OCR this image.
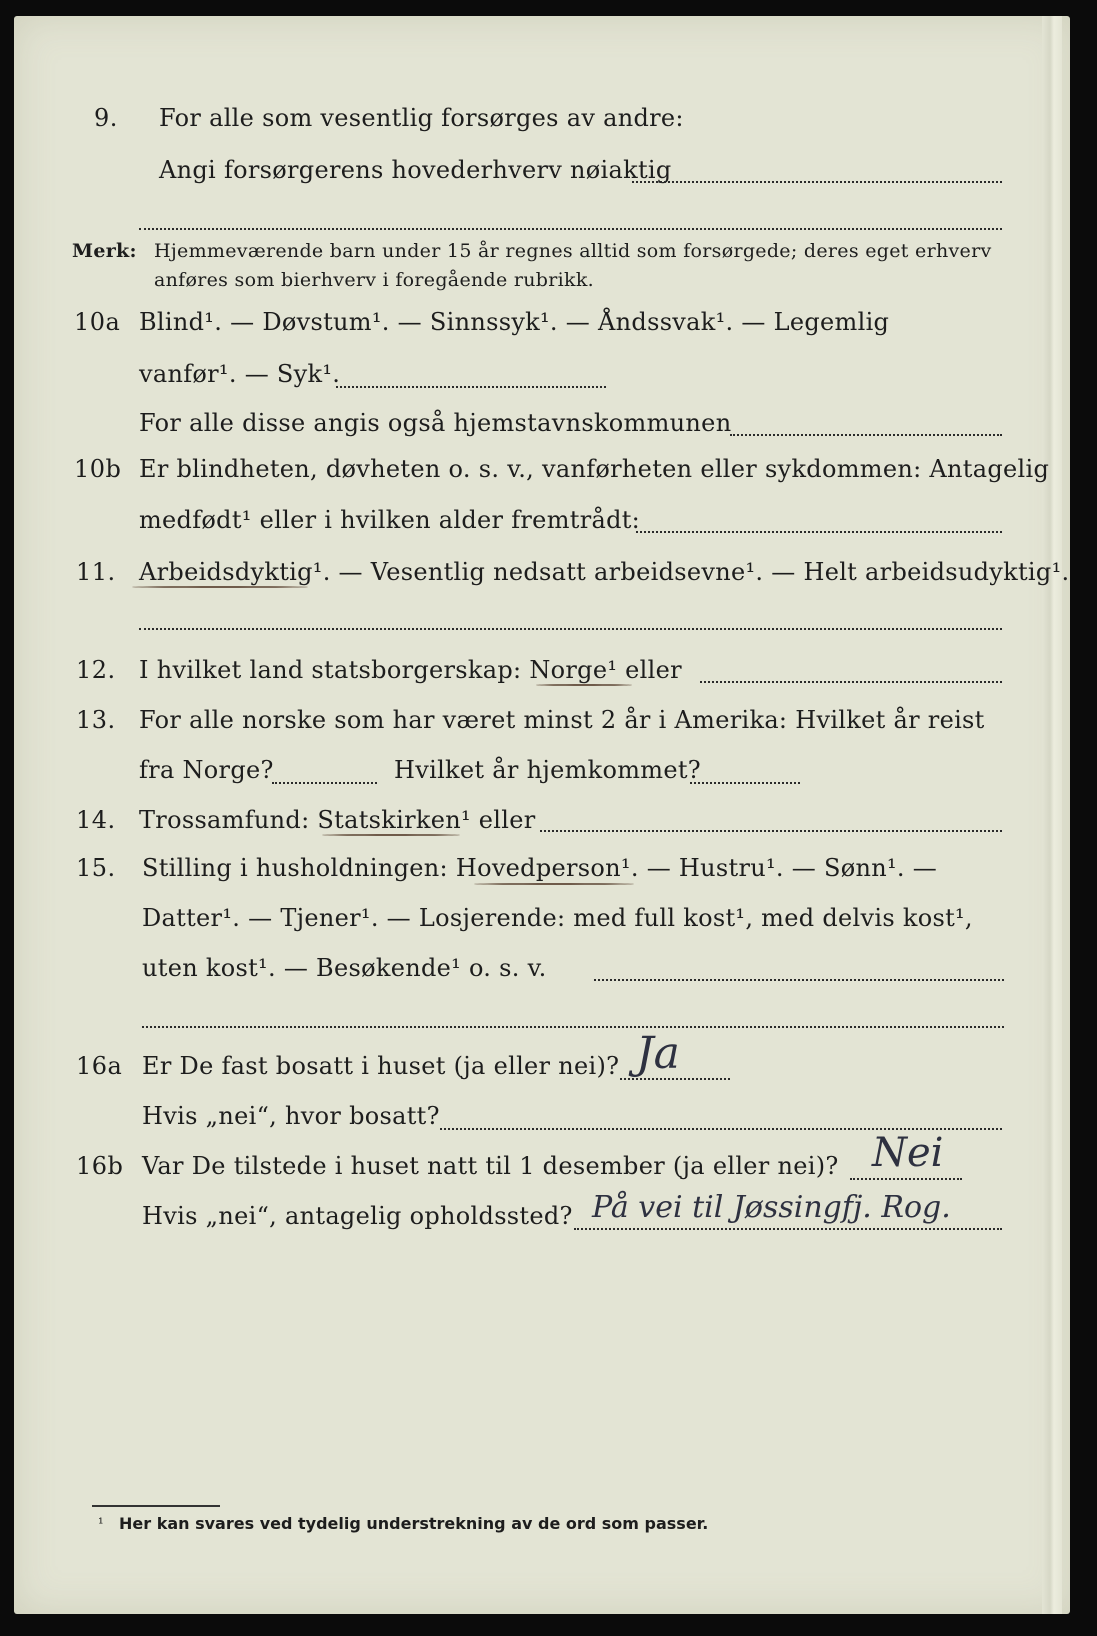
9. For alle som vesentlig forsørges av andre:
Angi forsørgerens hovederhverv nøiaktig
Merk: Hjemmeværende barn under 15 år regnes alltid som forsørgede; deres eget erhverv
anføres som bierhverv i foregående rubrikk.
10a Blind¹. — Døvstum¹. — Sinnssyk¹. — Åndssvak¹. — Legemlig
vanfør¹. — Syk¹.
For alle disse angis også hjemstavnskommunen
10b Er blindheten, døvheten o. s. v., vanførheten eller sykdommen: Antagelig
medfødt¹ eller i hvilken alder fremtrådt:
11. Arbeidsdyktig¹. — Vesentlig nedsatt arbeidsevne¹. — Helt arbeidsudyktig¹.
12. I hvilket land statsborgerskap: Norge¹ eller
13. For alle norske som har været minst 2 år i Amerika: Hvilket år reist
fra Norge?	Hvilket år hjemkommet?
14. Trossamfund: Statskirken¹ eller
15. Stilling i husholdningen: Hovedperson¹. — Hustru¹. — Sønn¹. —
Datter¹. — Tjener¹. — Losjerende: med full kost¹, med delvis kost¹,
uten kost¹. — Besøkende¹ o. s. v.
16a Er De fast bosatt i huset (ja eller nei)? Ja
Hvis „nei“, hvor bosatt?
16b Var De tilstede i huset natt til 1 desember (ja eller nei)? Nei
Hvis „nei“, antagelig opholdssted? På vei til Jøssingfj. Rog.
¹ Her kan svares ved tydelig understrekning av de ord som passer.
